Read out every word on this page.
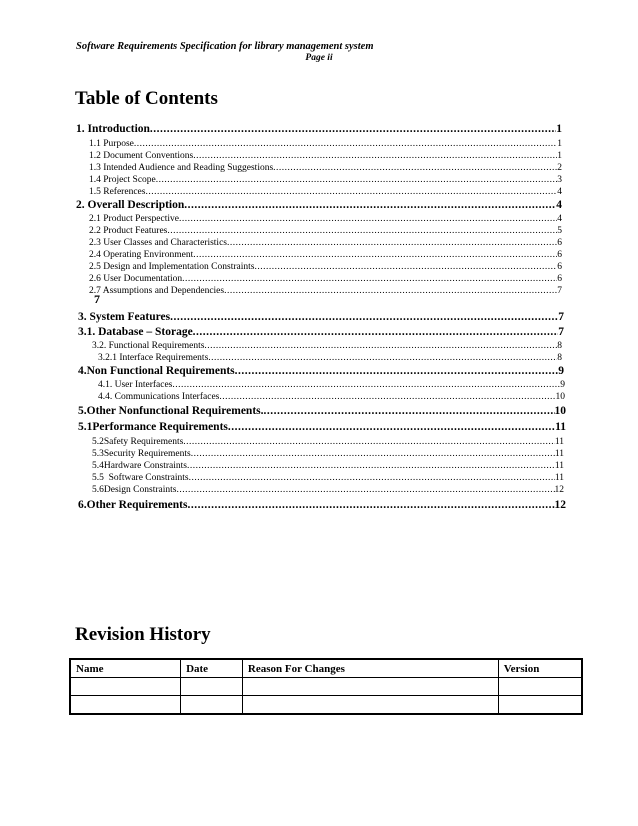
Software Requirements Specification for library management system
Page ii
Table of Contents
1. Introduction .....	1
1.1 Purpose .....	1
1.2 Document Conventions .....	1
1.3 Intended Audience and Reading Suggestions .....	2
1.4 Project Scope .....	3
1.5 References .....	4
2. Overall Description .....	4
2.1 Product Perspective .....	4
2.2 Product Features .....	5
2.3 User Classes and Characteristics .....	6
2.4 Operating Environment .....	6
2.5 Design and Implementation Constraints .....	6
2.6 User Documentation .....	6
2.7 Assumptions and Dependencies .....	7
7
3. System Features .....	7
3.1. Database – Storage .....	7
3.2. Functional Requirements .....	8
3.2.1 Interface Requirements .....	8
4.Non Functional Requirements .....	9
4.1. User Interfaces .....	9
4.4. Communications Interfaces .....	10
5.Other Nonfunctional Requirements. .....	10
5.1Performance Requirements .....	11
5.2Safety Requirements .....	11
5.3Security Requirements .....	11
5.4Hardware Constraints .....	11
5.5  Software Constraints .....	11
5.6Design Constraints .....	12
6.Other Requirements .....	12
Revision History
Name	Date	Reason For Changes	Version
